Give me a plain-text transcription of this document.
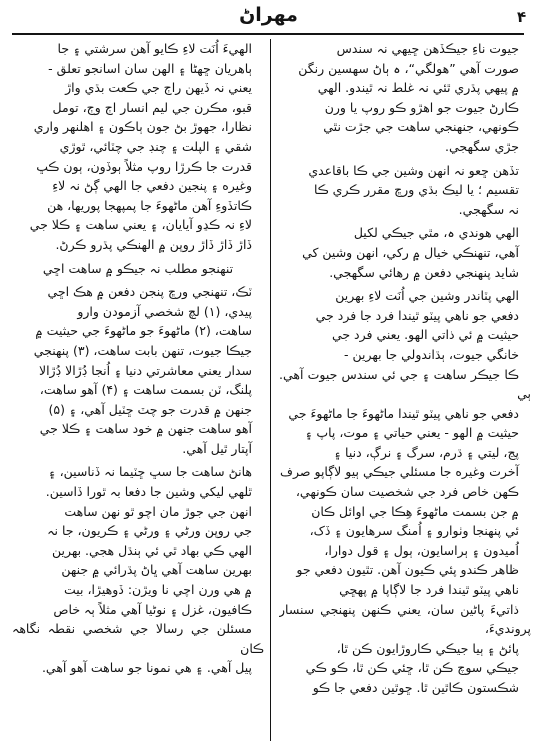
۴
مهراڻ

جيوت ناءِ جيڪڏهن ڇيهي نہ سندس

صورت آهي ”هولگي“، ہ ٻاڻ سهسين رنگن

۾ پيهي پڌري ٿئي نہ غلط نہ ٿيندو. الهي

ڪارڻ جيوت جو اهڙو ڪو روپ يا ورن

ڪونهي، جنهنجي ساهت جي جڙت نٿي

جڙي سگهجي.

تڏهن ڇعو نہ انهن وشين جي ڪا باقاعدي

تقسيم ؛ يا ليڪ بڌي ورڇ مقرر ڪري ڪا

نہ سگهجي.

الهي هوندي ہ، مٿي جيڪي لکيل

آهي، تنهنڪي خيال ۾ رکي، انهن وشين کي

شايد پنهنجي دفعن ۾ رهائي سگهجي.

الهي پٽاندر وشين جي اُنَت لاءِ بهرين

دفعي جو ناهي پيٽو ٿيندا فرد جا فرد جي

حيثيت ۾ ئي ذاتي الهو. يعني فرد جي

خانگي جيوت، ٻڌاندولي جا بهرين -

ڪا جيڪر ساهت ۽ جي ئي سندس جيوت آهي. ٻي

دفعي جو ناهي پيٽو ٿيندا ماڻهوءَ جا ماڻهوءَ جي

حيثيت ۾ الهو - يعني حياتي ۽ موت، پاپ ۽

پڃ، ليتي ۽ ڌرم، سرگ ۽ نرڳ، دنيا ۽

آخرت وغيره جا مسئلي جيڪي ٻيو لاڳاپو صرف

ڪهن خاص فرد جي شخصيت سان ڪونهي،

۾ جن بسمت ماڻهوءَ هِڪا جي اوائل ڪان

ئي پنهنجا وٺوارو ۽ اُمنگ سرهايون ۽ ڏک،

اُميدون ۽ ٻراسايون، ٻول ۽ قول دوارا،

ظاهر ڪندو پئي ڪيون آهن. تٿيون دفعي جو

ناهي پيٽو ٿيندا فرد جا لاڳاپا ۾ پهڇي

ذاتيءَ پاڻين سان، يعني ڪنهن پنهنجي سنسار پرونديءَ،

پائڻ ۽ ٻيا جيڪي ڪاروڙايون ڪن ٿا،

جيڪي سوچ ڪن ٿا، ڇئي ڪن ٿا، ڪو ڪي

شڪستون ڪاٿين ٿا. ڇوٿين دفعي جا ڪو

الهيءَ اُنَت لاءِ ڪايو آهن سرشتي ۽ جا

ٻاهريان ڇهڻا ۽ الهن سان اسانجو تعلق -

يعني نہ ڏيهن راڄ جي ڪعت بڌي واڙ

قبو، مڪرن جي ليم انسار اڄ وڄ، تومل

نظارا، جهوڙ بڻ جون ٻاڪون ۽ اهلنهر واري

شقي ۽ الپلت ۽ چنڊ جي چٽائي، ٿوڙي

قدرت جا ڪرڙا روپ مثلاً ٻوڏون، ٻون ڪڀ

وغيره ۽ پنجين دفعي جا الهي ڳڻ نہ لاءِ

ڪاتڏوءِ آهن ماڻهوءَ جا پمپهجا پوريها، هن

لاءِ نہ ڪڍو آيايان، ۽ يعني ساهت ۽ ڪلا جي

ڏاڙ ڏاڙ ڏاڙ روپن ۾ الهنڪي پڌرو ڪرڻ.

تنهنجو مطلب نہ جيڪو ۾ ساهت اڇي

ٽڪ، تنهنجي ورڇ پنجن دفعن ۾ هڪ اڇي

پيدي، (۱) لچ شخصي آزمودن وارو

ساهت، (۲) ماڻهوءَ جو ماڻهوءَ جي حيثيت ۾

جيڪا جيوت، تنهن بابت ساهت، (۳) پنهنجي

سدار يعني معاشرتي دنيا ۽ اُنجا ڊُڙالا ڊُڙالا

پلنگ، ٽن بسمت ساهت ۽ (۴) آهو ساهت،

جنهن ۾ قدرت جو چٽ ڇٽيل آهي، ۽ (۵)

آهو ساهت جنهن ۾ خود ساهت ۽ ڪلا جي

آپتار ٿيل آهي.

هانڻ ساهت جا سڀ ڇٽيما نہ ڏناسين، ۽

ٿلهي ليکي وشين جا دفعا بہ ٿورا ڏاسين.

انهن جي جوڙ مان اچو ٿو نهن ساهت

جي روپن ورڻي ۽ ورڻي ۽ ڪريون، جا نہ

الهي ڪي بهاد ٿي ئي ٻنڌل هجي. بهرين

بهرين ساهت آهي ڀاڻ پڌرائي ۾ جنهن

۾ هي ورن اچي نا ويڙن: ڏوهيڙا، بيت

ڪافيون، غزل ۽ نوڻيا آهي مثلاً ٻہ خاص

مسئلن جي رسالا جي شخصي نقطہ نگاهہ ڪان

پيل آهي. ۽ هي نمونا جو ساهت آهو آهي.
